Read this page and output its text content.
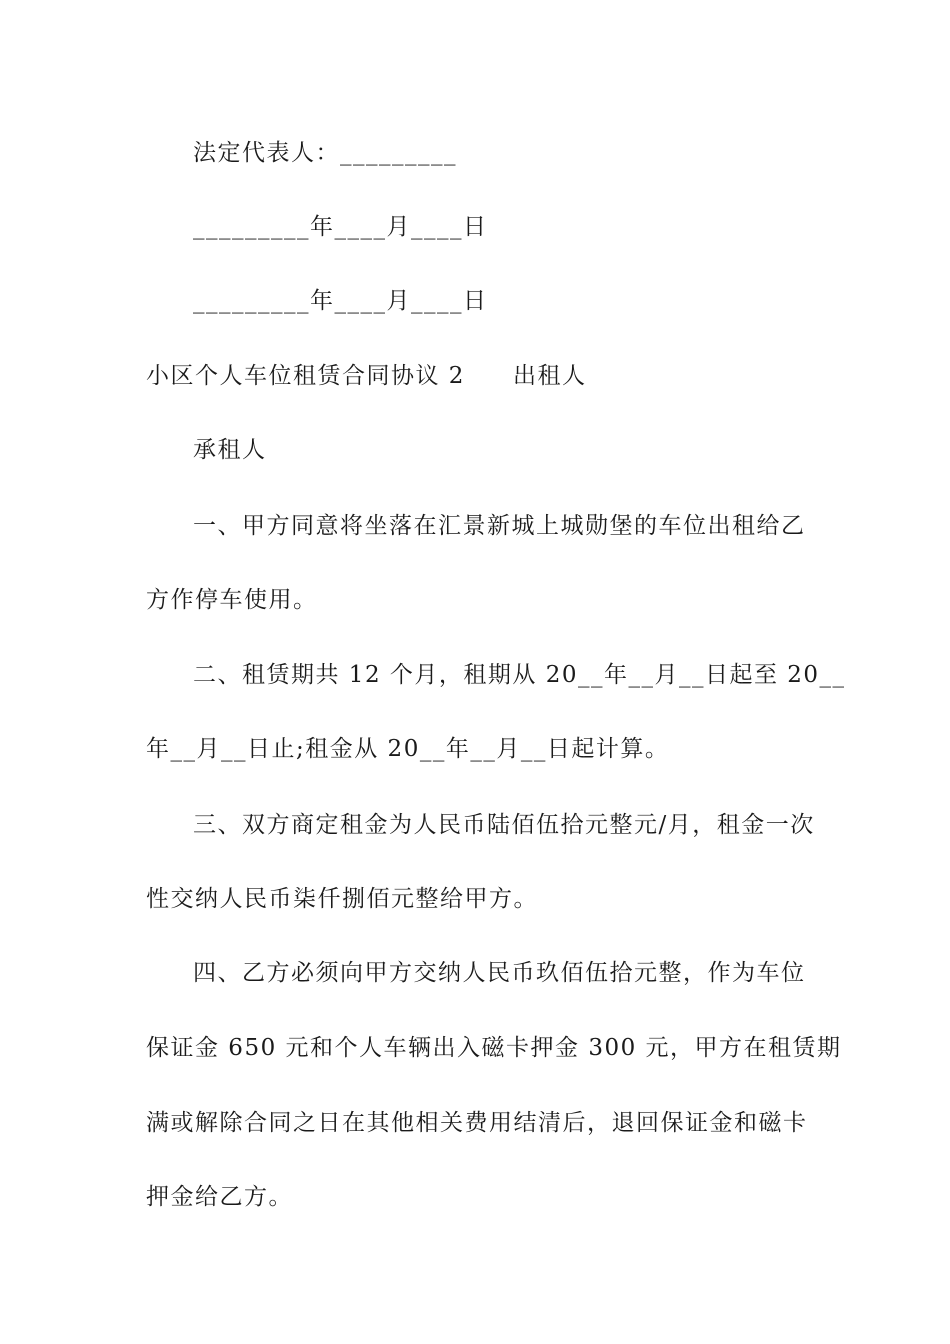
法定代表人：_________
_________年____月____日
_________年____月____日
小区个人车位租赁合同协议 2 出租人
承租人
一、甲方同意将坐落在汇景新城上城勋堡的车位出租给乙
方作停车使用。
二、租赁期共 12 个月，租期从 20__年__月__日起至 20__
年__月__日止;租金从 20__年__月__日起计算。
三、双方商定租金为人民币陆佰伍拾元整元/月，租金一次
性交纳人民币柒仟捌佰元整给甲方。
四、乙方必须向甲方交纳人民币玖佰伍拾元整，作为车位
保证金 650 元和个人车辆出入磁卡押金 300 元，甲方在租赁期
满或解除合同之日在其他相关费用结清后，退回保证金和磁卡
押金给乙方。
